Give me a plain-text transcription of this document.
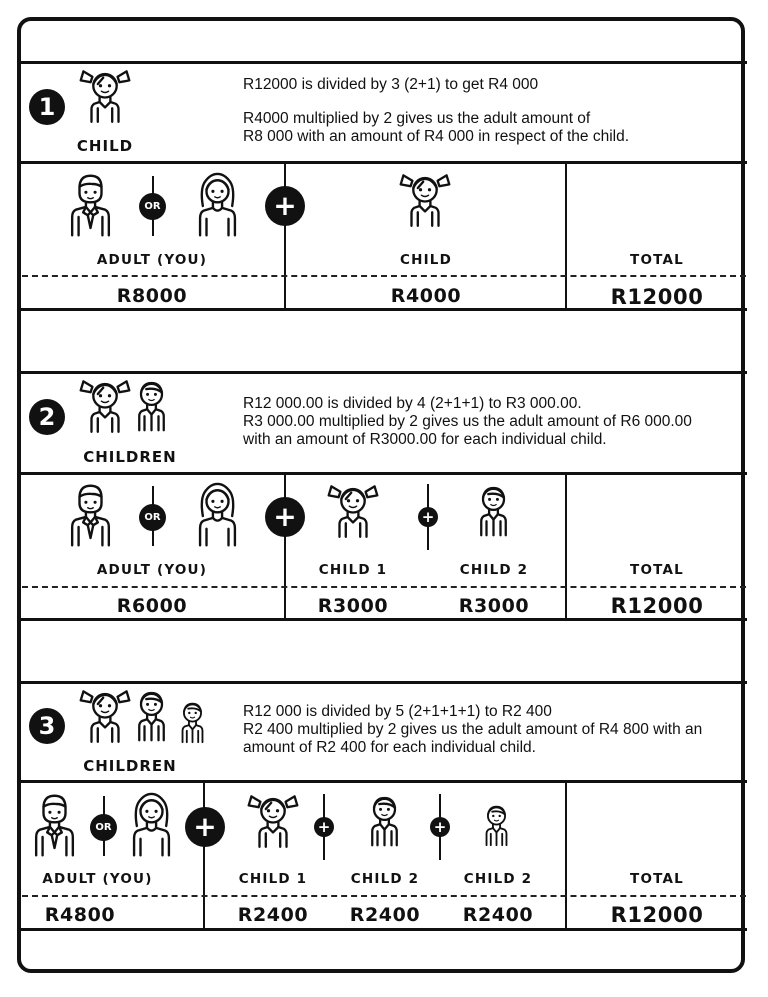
1
CHILD
R12000 is divided by 3 (2+1) to get R4 000
R4000 multiplied by 2 gives us the adult amount of
R8 000 with an amount of R4 000 in respect of the child.
OR	+
ADULT (YOU)	CHILD	TOTAL
R8000	R4000	R12000
2
CHILDREN
R12 000.00 is divided by 4 (2+1+1) to R3 000.00.
R3 000.00 multiplied by 2 gives us the adult amount of R6 000.00
with an amount of R3000.00 for each individual child.
OR	+	+
ADULT (YOU)	CHILD 1	CHILD 2	TOTAL
R6000	R3000	R3000	R12000
3
CHILDREN
R12 000 is divided by 5 (2+1+1+1) to R2 400
R2 400 multiplied by 2 gives us the adult amount of R4 800 with an
amount of R2 400 for each individual child.
OR	+	+	+
ADULT (YOU)	CHILD 1	CHILD 2	CHILD 2	TOTAL
R4800	R2400	R2400	R2400	R12000
